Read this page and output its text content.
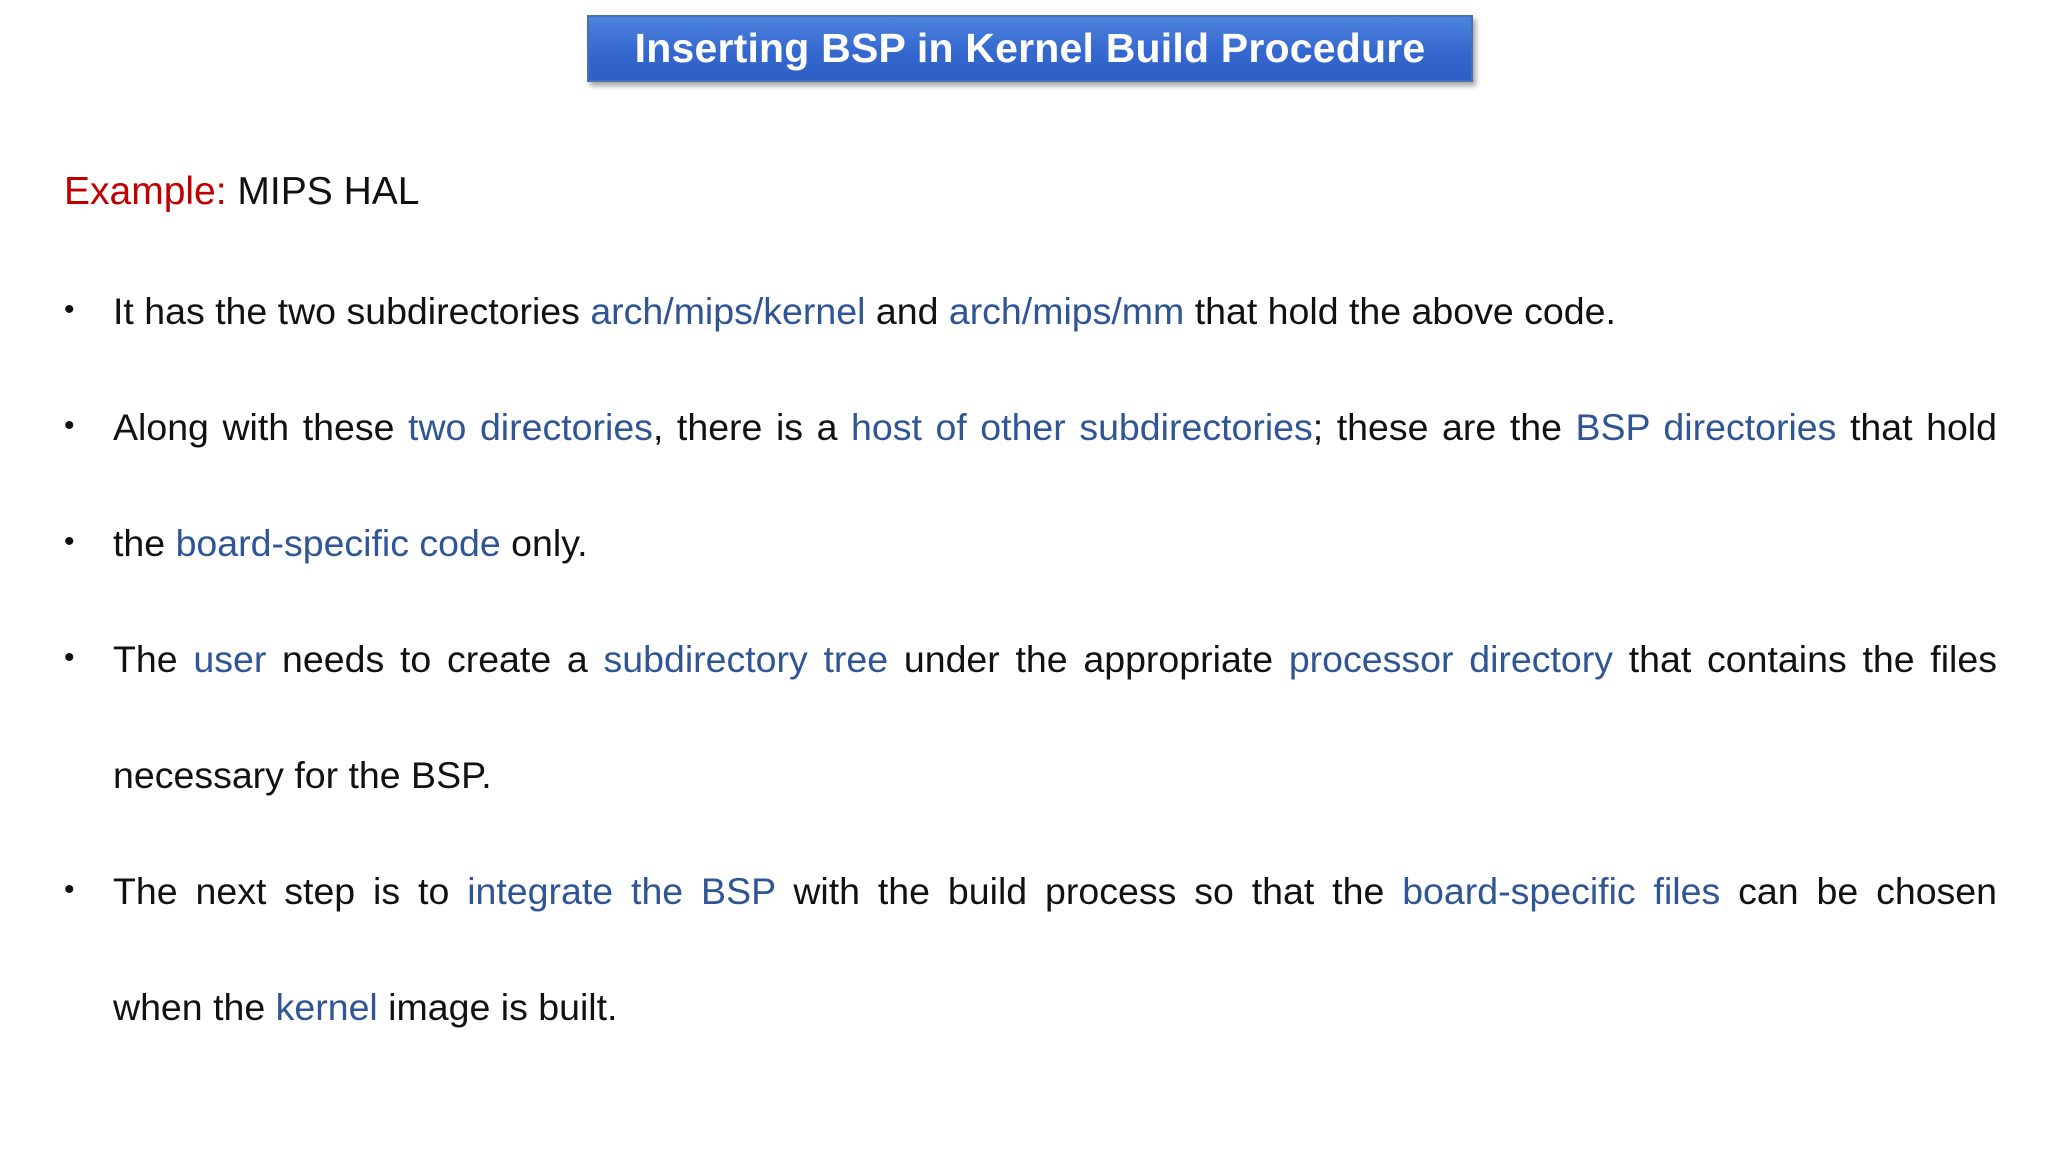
Inserting BSP in Kernel Build Procedure
Example: MIPS HAL
• It has the two subdirectories arch/mips/kernel and arch/mips/mm that hold the above code.
• Along with these two directories, there is a host of other subdirectories; these are the BSP directories that hold
• the board-specific code only.
• The user needs to create a subdirectory tree under the appropriate processor directory that contains the files
necessary for the BSP.
• The next step is to integrate the BSP with the build process so that the board-specific files can be chosen
when the kernel image is built.
